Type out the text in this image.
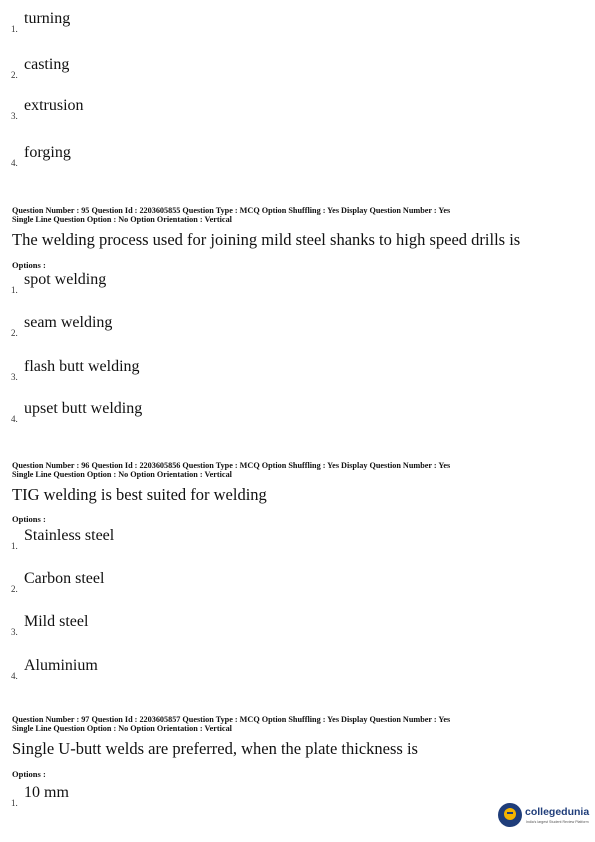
1.
turning
2.
casting
3.
extrusion
4.
forging
Question Number : 95 Question Id : 2203605855 Question Type : MCQ Option Shuffling : Yes Display Question Number : Yes
Single Line Question Option : No Option Orientation : Vertical
The welding process used for joining mild steel shanks to high speed drills is
Options :
1.
spot welding
2.
seam welding
3.
flash butt welding
4.
upset butt welding
Question Number : 96 Question Id : 2203605856 Question Type : MCQ Option Shuffling : Yes Display Question Number : Yes
Single Line Question Option : No Option Orientation : Vertical
TIG welding is best suited for welding
Options :
1.
Stainless steel
2.
Carbon steel
3.
Mild steel
4.
Aluminium
Question Number : 97 Question Id : 2203605857 Question Type : MCQ Option Shuffling : Yes Display Question Number : Yes
Single Line Question Option : No Option Orientation : Vertical
Single U-butt welds are preferred, when the plate thickness is
Options :
1.
10 mm
collegedunia
India's largest Student Review Platform
